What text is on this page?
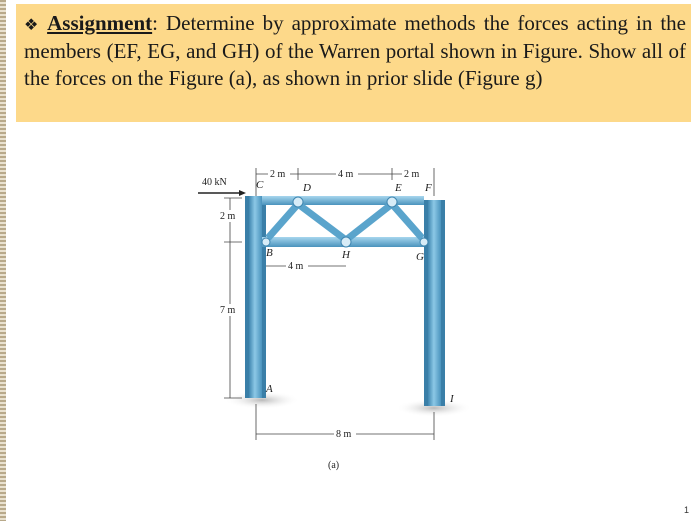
❖ Assignment: Determine by approximate methods the forces acting in the members (EF, EG, and GH) of the Warren portal shown in Figure. Show all of the forces on the Figure (a), as shown in prior slide (Figure g)

40 kN
2 m	4 m	2 m
C	D	E F
2 m
7 m
B	H	G
4 m
A
I
8 m
(a)
1
